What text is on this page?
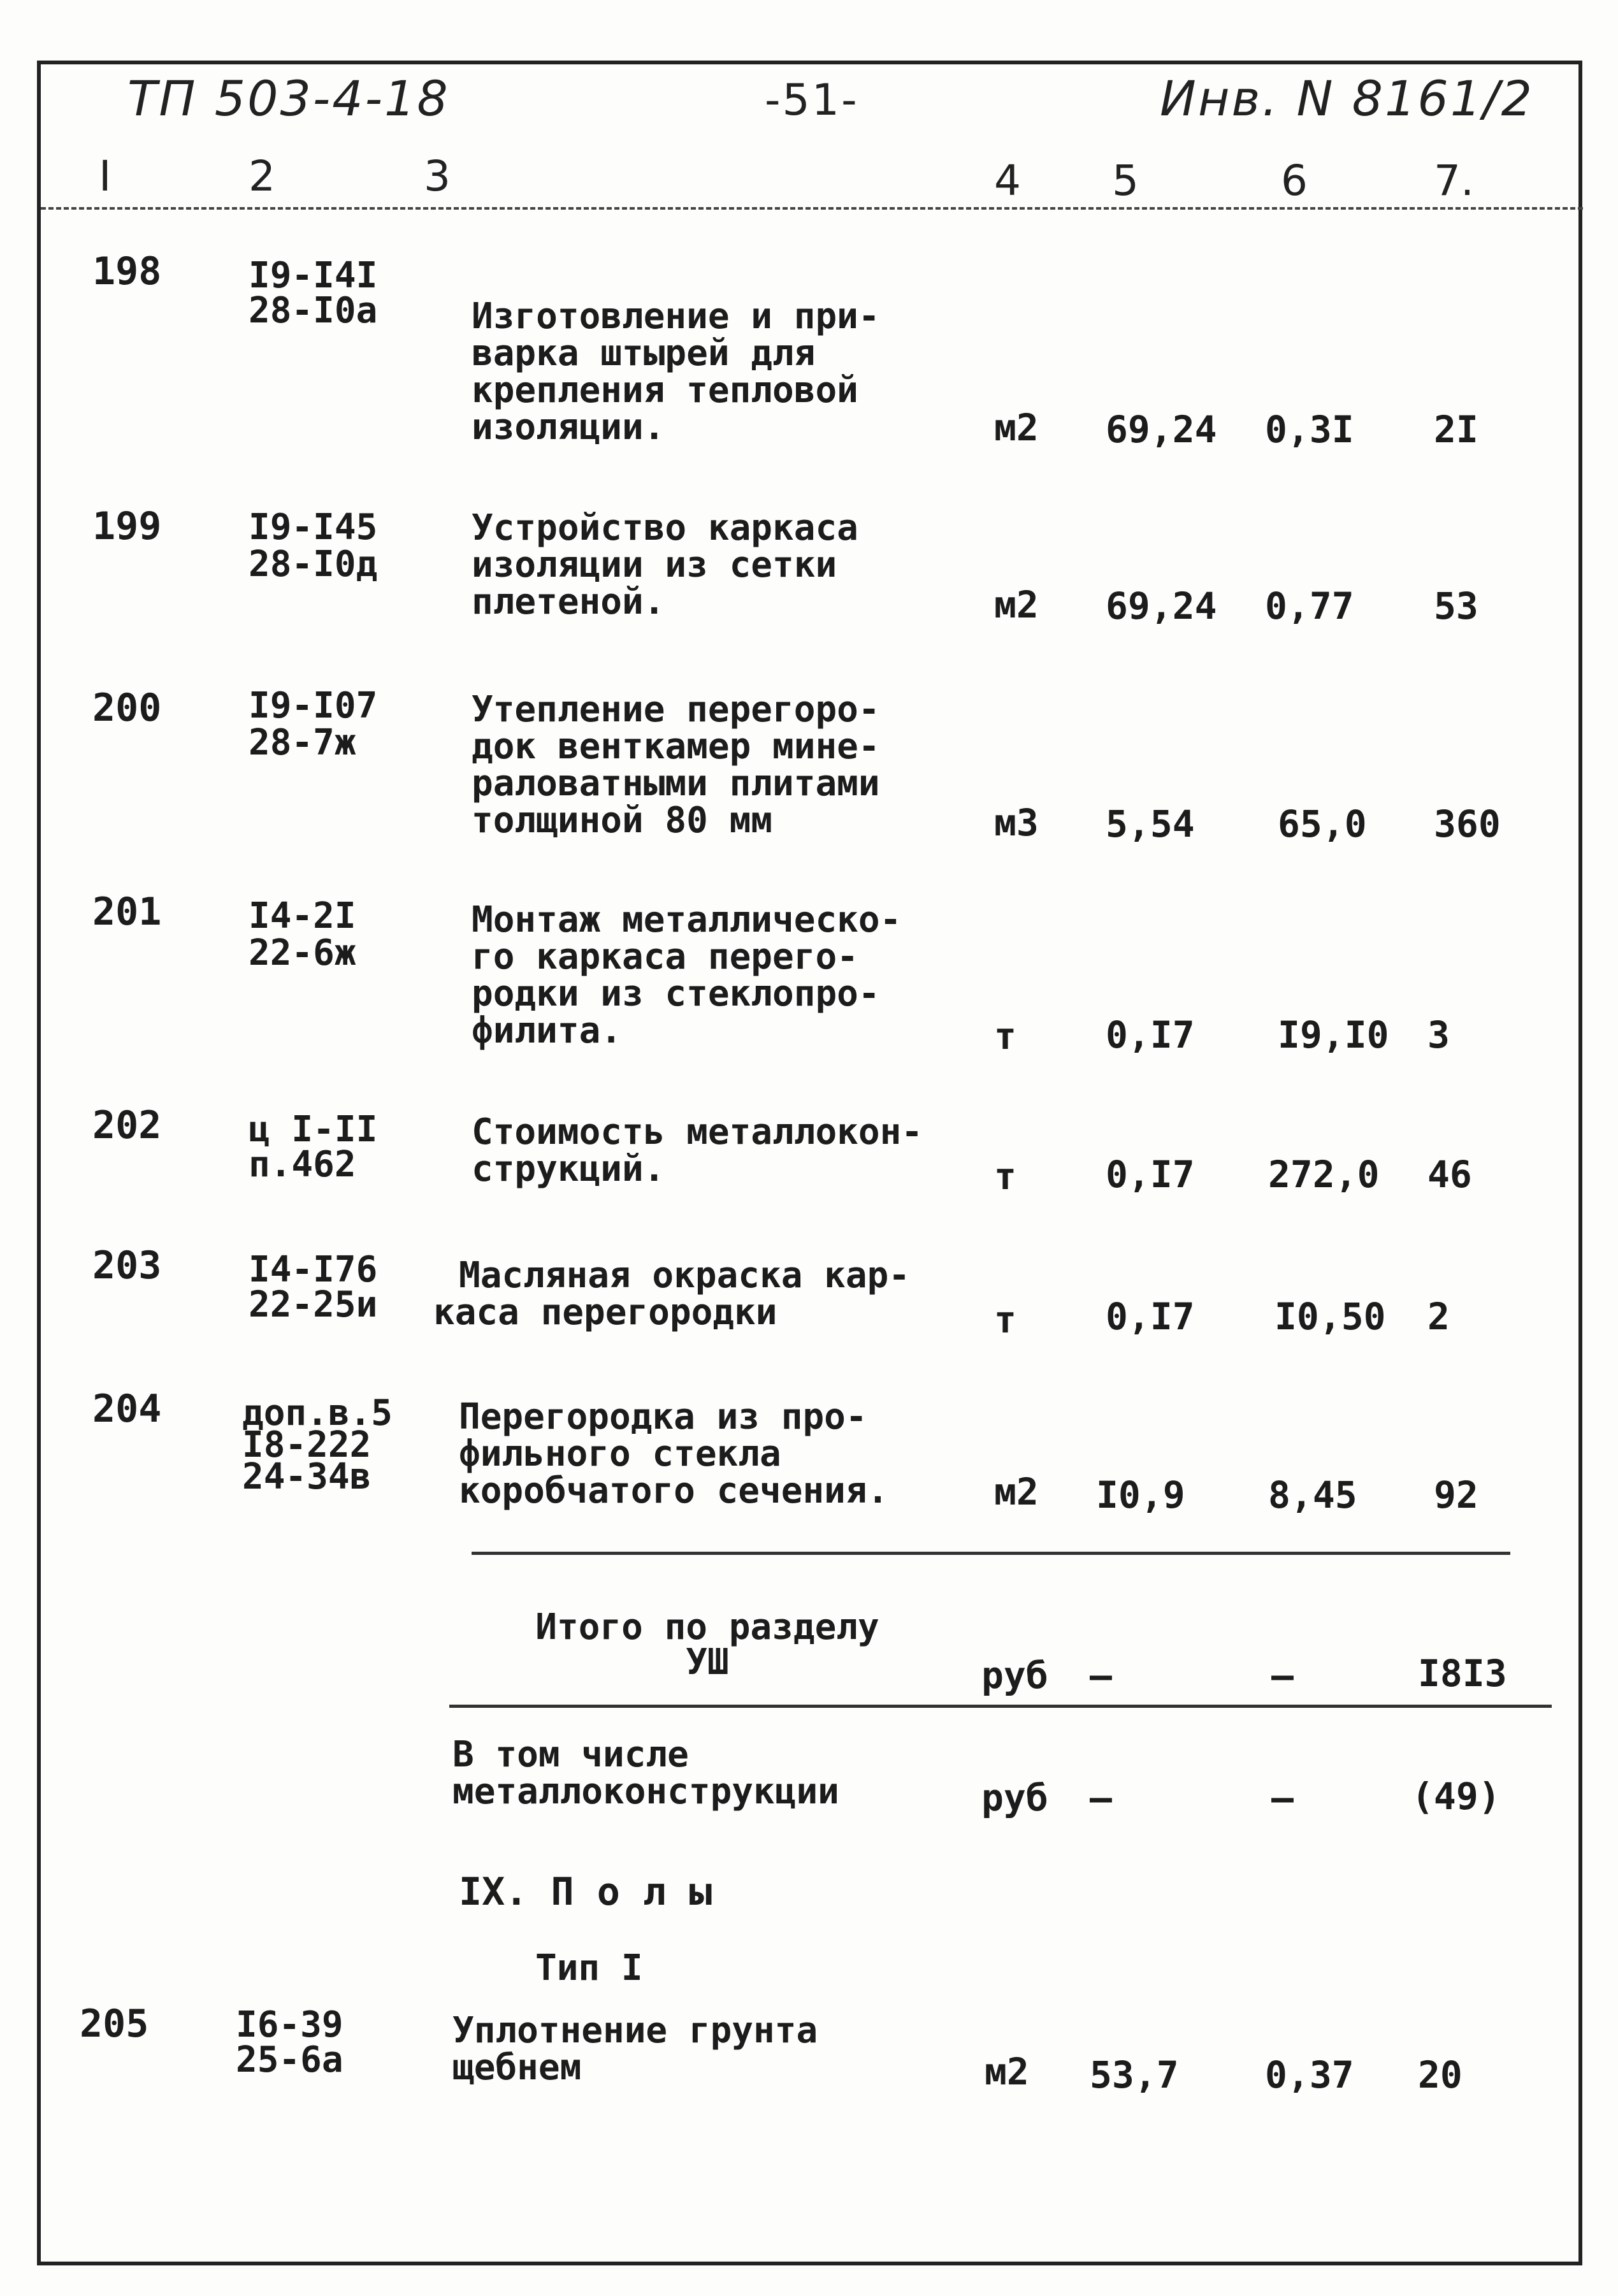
ТП 503-4-18	-51-	Инв. N 8161/2
I	2	3	4 5	6	7.
198 I9-I4I
28-I0а	Изготовление и при-
варка штырей для
крепления тепловой
изоляции.	м2 69,24 0,3I 2I
199 I9-I45
28-I0д
Устройство каркаса
изоляции из сетки
плетеной.	м2 69,24 0,77 53
200 I9-I07
28-7ж
Утепление перегоро-
док венткамер мине-
раловатными плитами
толщиной 80 мм	м3 5,54 65,0 360
201 I4-2I
22-6ж
Монтаж металлическо-
го каркаса перего-
родки из стеклопро-
филита.	т 0,I7 I9,I0 3
202 ц I-II
п.462
Стоимость металлокон-
струкций.	т 0,I7 272,0 46
203 I4-I76
22-25и
Масляная окраска кар-
каса перегородки	т 0,I7 I0,50 2
204 доп.в.5
I8-222
24-34в
Перегородка из про-
фильного стекла
коробчатого сечения.	м2 I0,9 8,45 92
Итого по разделу
УШ	руб –	–	I8I3
В том числе
металлоконструкции	руб –	–	(49)
IX. П о л ы
Тип I
205 I6-39
25-6а
Уплотнение грунта
щебнем	м2 53,7 0,37 20
